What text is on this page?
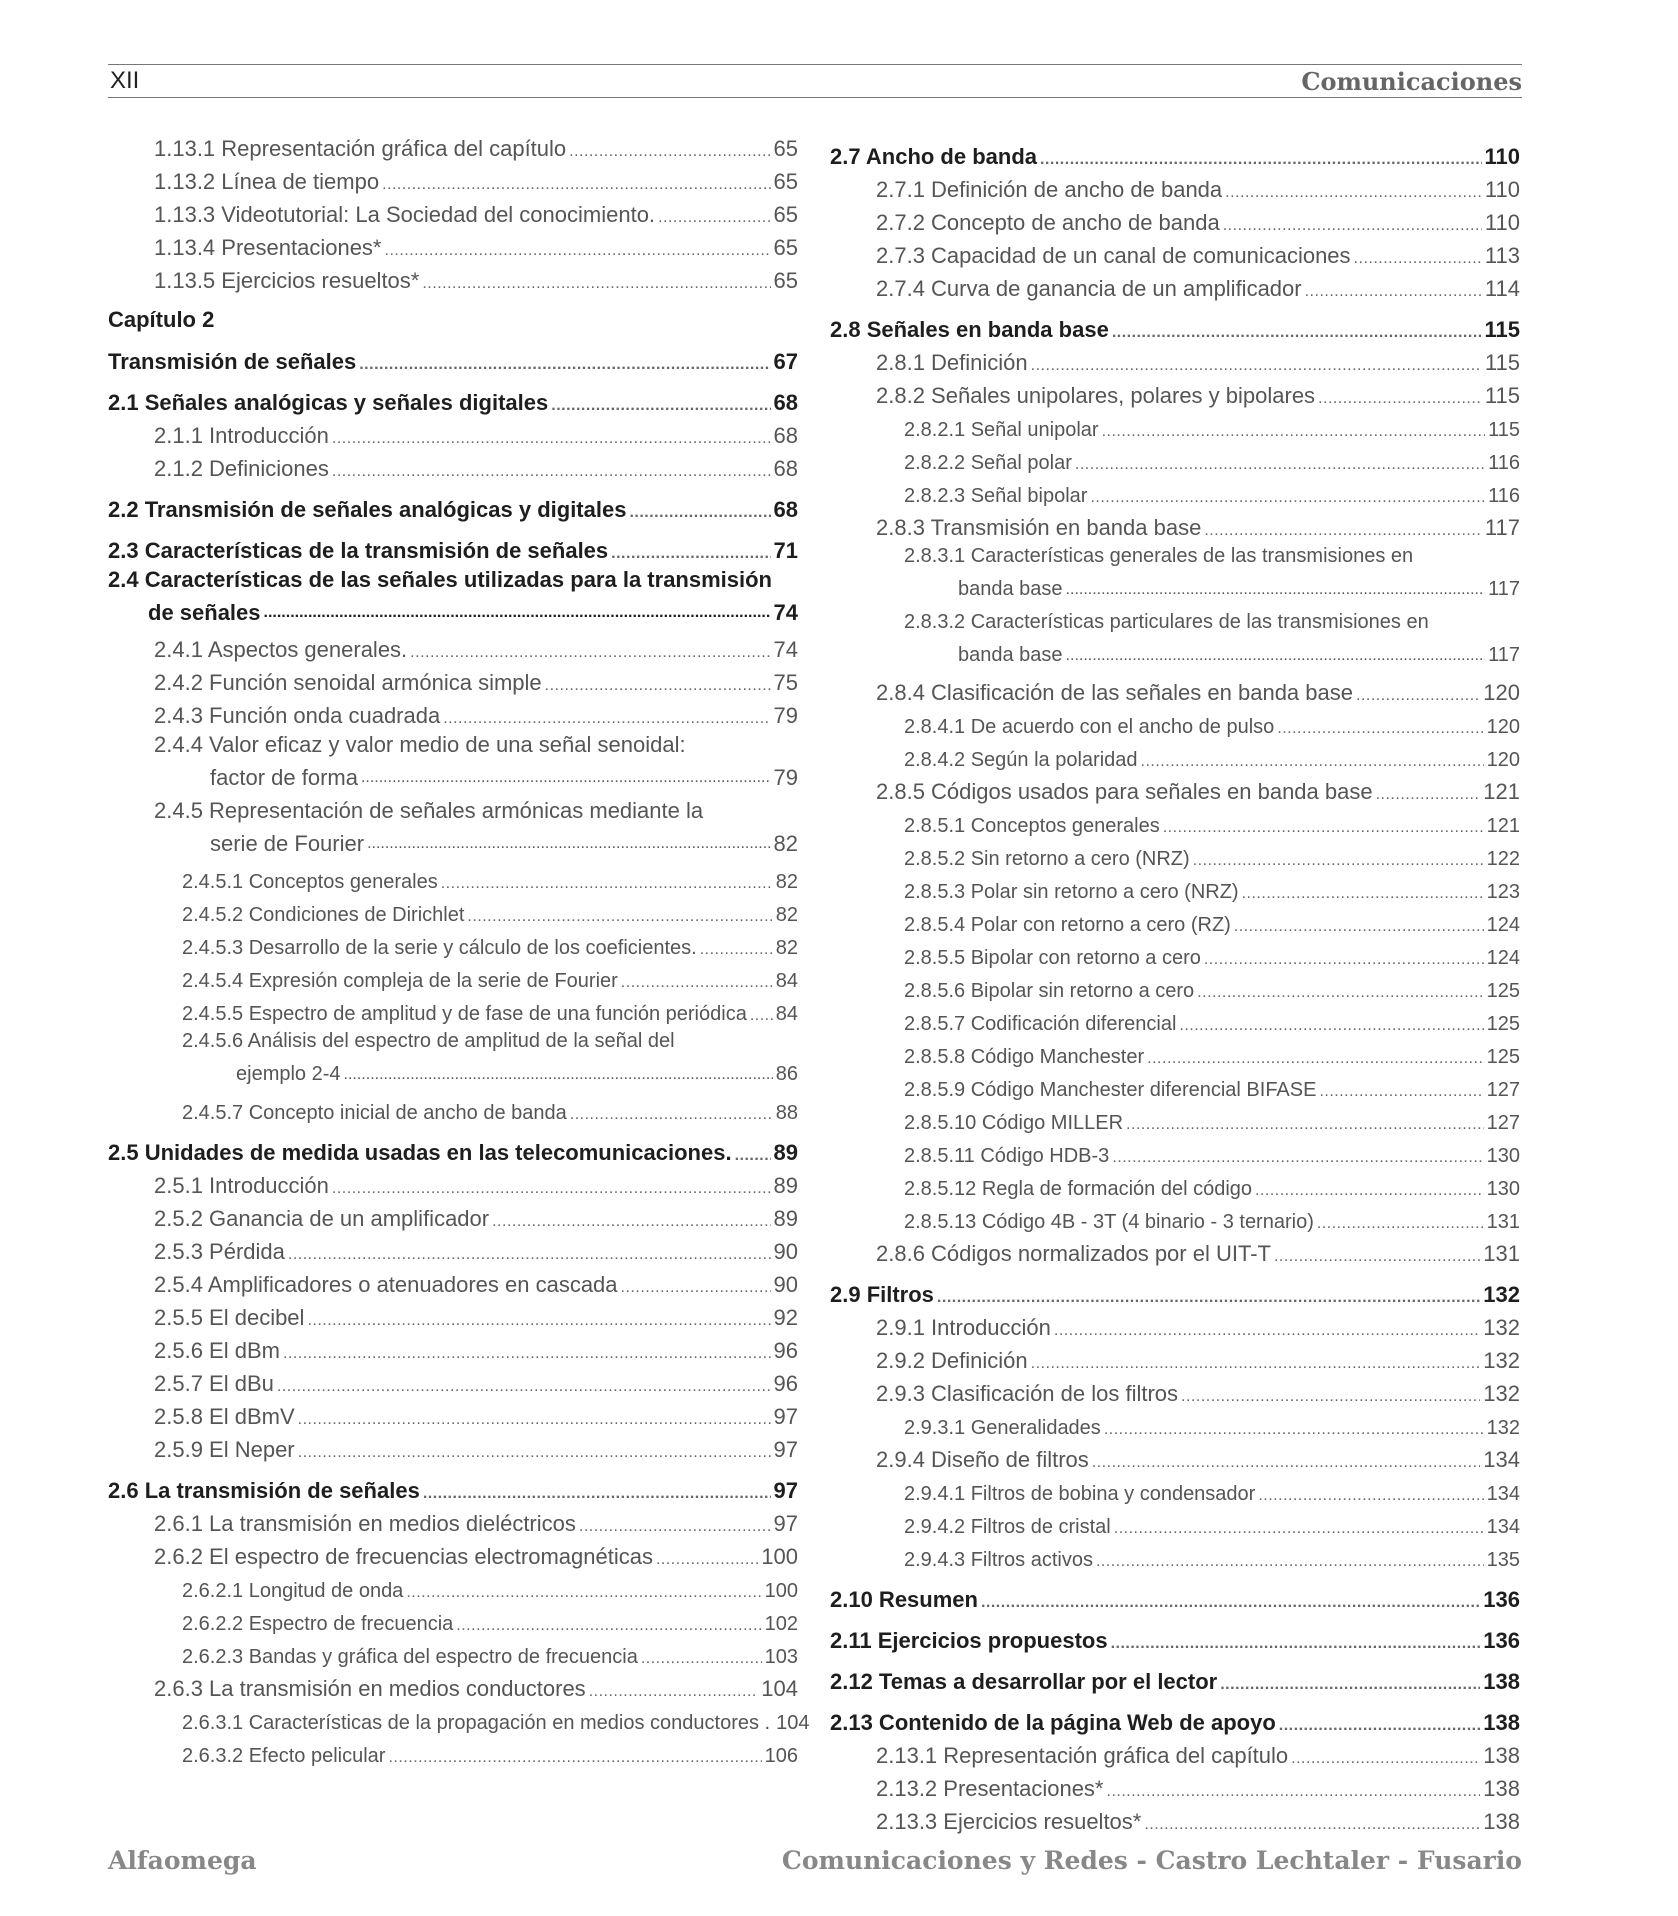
XII	Comunicaciones
1.13.1 Representación gráfica del capítulo .....	65
1.13.2 Línea de tiempo .....	65
1.13.3 Videotutorial: La Sociedad del conocimiento. .....	65
1.13.4 Presentaciones* .....	65
1.13.5 Ejercicios resueltos* .....	65
Capítulo 2
Transmisión de señales .....	67
2.1 Señales analógicas y señales digitales .....	68
2.1.1 Introducción .....	68
2.1.2 Definiciones .....	68
2.2 Transmisión de señales analógicas y digitales .....	68
2.3 Características de la transmisión de señales .....	71
2.4 Características de las señales utilizadas para la transmisión
de señales .....	74
2.4.1 Aspectos generales. .....	74
2.4.2 Función senoidal armónica simple .....	75
2.4.3 Función onda cuadrada .....	79
2.4.4 Valor eficaz y valor medio de una señal senoidal:
factor de forma .....	79
2.4.5 Representación de señales armónicas mediante la
serie de Fourier .....	82
2.4.5.1 Conceptos generales .....	82
2.4.5.2 Condiciones de Dirichlet .....	82
2.4.5.3 Desarrollo de la serie y cálculo de los coeficientes. .....	82
2.4.5.4 Expresión compleja de la serie de Fourier .....	84
2.4.5.5 Espectro de amplitud y de fase de una función periódica ..... 84
2.4.5.6 Análisis del espectro de amplitud de la señal del
ejemplo 2-4 .....	86
2.4.5.7 Concepto inicial de ancho de banda .....	88
2.5 Unidades de medida usadas en las telecomunicaciones. ..... 89
2.5.1 Introducción .....	89
2.5.2 Ganancia de un amplificador .....	89
2.5.3 Pérdida .....	90
2.5.4 Amplificadores o atenuadores en cascada .....	90
2.5.5 El decibel .....	92
2.5.6 El dBm .....	96
2.5.7 El dBu .....	96
2.5.8 El dBmV .....	97
2.5.9 El Neper .....	97
2.6 La transmisión de señales .....	97
2.6.1 La transmisión en medios dieléctricos .....	97
2.6.2 El espectro de frecuencias electromagnéticas .....	100
2.6.2.1 Longitud de onda .....	100
2.6.2.2 Espectro de frecuencia .....	102
2.6.2.3 Bandas y gráfica del espectro de frecuencia .....	103
2.6.3 La transmisión en medios conductores .....	104
2.6.3.1 Características de la propagación en medios conductores . 104
2.6.3.2 Efecto pelicular .....	106
2.7 Ancho de banda .....	110
2.7.1 Definición de ancho de banda .....	110
2.7.2 Concepto de ancho de banda .....	110
2.7.3 Capacidad de un canal de comunicaciones .....	113
2.7.4 Curva de ganancia de un amplificador .....	114
2.8 Señales en banda base .....	115
2.8.1 Definición .....	115
2.8.2 Señales unipolares, polares y bipolares .....	115
2.8.2.1 Señal unipolar .....	115
2.8.2.2 Señal polar .....	116
2.8.2.3 Señal bipolar .....	116
2.8.3 Transmisión en banda base .....	117
2.8.3.1 Características generales de las transmisiones en
banda base .....	117
2.8.3.2 Características particulares de las transmisiones en
banda base .....	117
2.8.4 Clasificación de las señales en banda base .....	120
2.8.4.1 De acuerdo con el ancho de pulso .....	120
2.8.4.2 Según la polaridad .....	120
2.8.5 Códigos usados para señales en banda base .....	121
2.8.5.1 Conceptos generales .....	121
2.8.5.2 Sin retorno a cero (NRZ) .....	122
2.8.5.3 Polar sin retorno a cero (NRZ) .....	123
2.8.5.4 Polar con retorno a cero (RZ) .....	124
2.8.5.5 Bipolar con retorno a cero .....	124
2.8.5.6 Bipolar sin retorno a cero .....	125
2.8.5.7 Codificación diferencial .....	125
2.8.5.8 Código Manchester .....	125
2.8.5.9 Código Manchester diferencial BIFASE .....	127
2.8.5.10 Código MILLER .....	127
2.8.5.11 Código HDB-3 .....	130
2.8.5.12 Regla de formación del código .....	130
2.8.5.13 Código 4B - 3T (4 binario - 3 ternario) .....	131
2.8.6 Códigos normalizados por el UIT-T .....	131
2.9 Filtros .....	132
2.9.1 Introducción .....	132
2.9.2 Definición .....	132
2.9.3 Clasificación de los filtros .....	132
2.9.3.1 Generalidades .....	132
2.9.4 Diseño de filtros .....	134
2.9.4.1 Filtros de bobina y condensador .....	134
2.9.4.2 Filtros de cristal .....	134
2.9.4.3 Filtros activos .....	135
2.10 Resumen .....	136
2.11 Ejercicios propuestos .....	136
2.12 Temas a desarrollar por el lector .....	138
2.13 Contenido de la página Web de apoyo .....	138
2.13.1 Representación gráfica del capítulo .....	138
2.13.2 Presentaciones* .....	138
2.13.3 Ejercicios resueltos* .....	138
Alfaomega	Comunicaciones y Redes - Castro Lechtaler - Fusario
